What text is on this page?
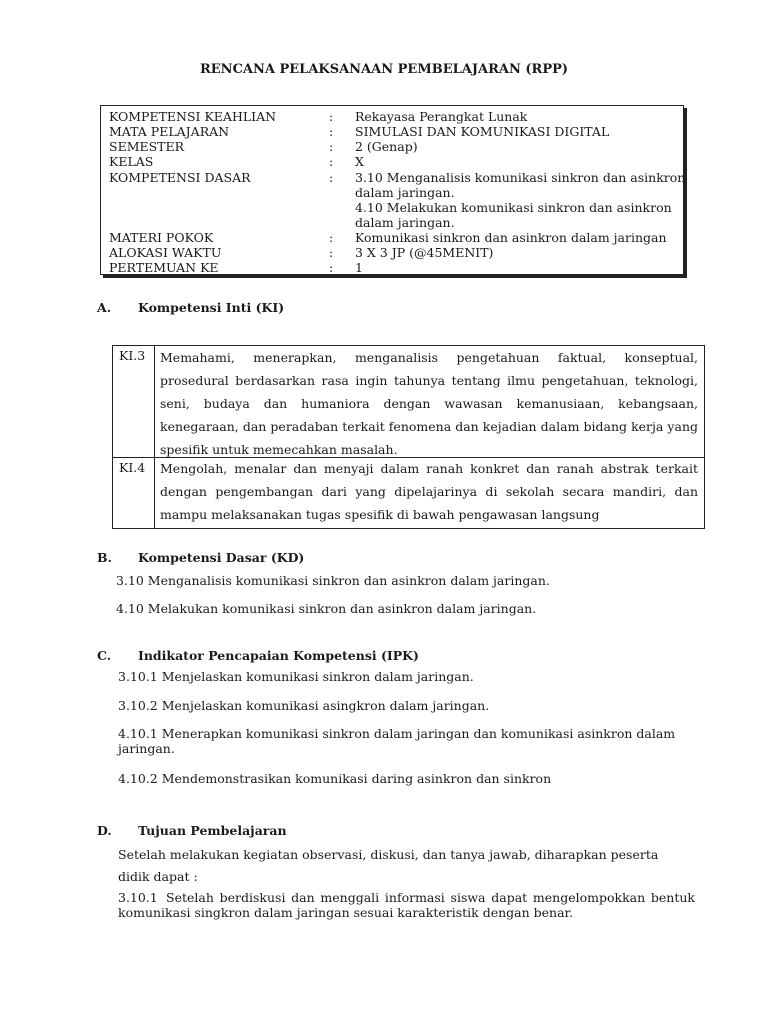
RENCANA PELAKSANAAN PEMBELAJARAN (RPP)
KOMPETENSI KEAHLIAN	: Rekayasa Perangkat Lunak
MATA PELAJARAN	: SIMULASI DAN KOMUNIKASI DIGITAL
SEMESTER	: 2 (Genap)
KELAS	: X
KOMPETENSI DASAR	: 3.10 Menganalisis komunikasi sinkron dan asinkron
dalam jaringan.
4.10 Melakukan komunikasi sinkron dan asinkron
dalam jaringan.
MATERI POKOK	: Komunikasi sinkron dan asinkron dalam jaringan
ALOKASI WAKTU	: 3 X 3 JP (@45MENIT)
PERTEMUAN KE	: 1
A. Kompetensi Inti (KI)
KI.3 Memahami, menerapkan, menganalisis pengetahuan faktual, konseptual, prosedural berdasarkan rasa ingin tahunya tentang ilmu pengetahuan, teknologi, seni, budaya dan humaniora dengan wawasan kemanusiaan, kebangsaan, kenegaraan, dan peradaban terkait fenomena dan kejadian dalam bidang kerja yang spesifik untuk memecahkan masalah.
KI.4 Mengolah, menalar dan menyaji dalam ranah konkret dan ranah abstrak terkait dengan pengembangan dari yang dipelajarinya di sekolah secara mandiri, dan mampu melaksanakan tugas spesifik di bawah pengawasan langsung
B. Kompetensi Dasar (KD)
3.10 Menganalisis komunikasi sinkron dan asinkron dalam jaringan.
4.10 Melakukan komunikasi sinkron dan asinkron dalam jaringan.
C. Indikator Pencapaian Kompetensi (IPK)
3.10.1 Menjelaskan komunikasi sinkron dalam jaringan.
3.10.2 Menjelaskan komunikasi asingkron dalam jaringan.
4.10.1 Menerapkan komunikasi sinkron dalam jaringan dan komunikasi asinkron dalam jaringan.
4.10.2 Mendemonstrasikan komunikasi daring asinkron dan sinkron
D. Tujuan Pembelajaran
Setelah melakukan kegiatan observasi, diskusi, dan tanya jawab, diharapkan peserta didik dapat :
3.10.1 Setelah berdiskusi dan menggali informasi siswa dapat mengelompokkan bentuk komunikasi singkron dalam jaringan sesuai karakteristik dengan benar.
